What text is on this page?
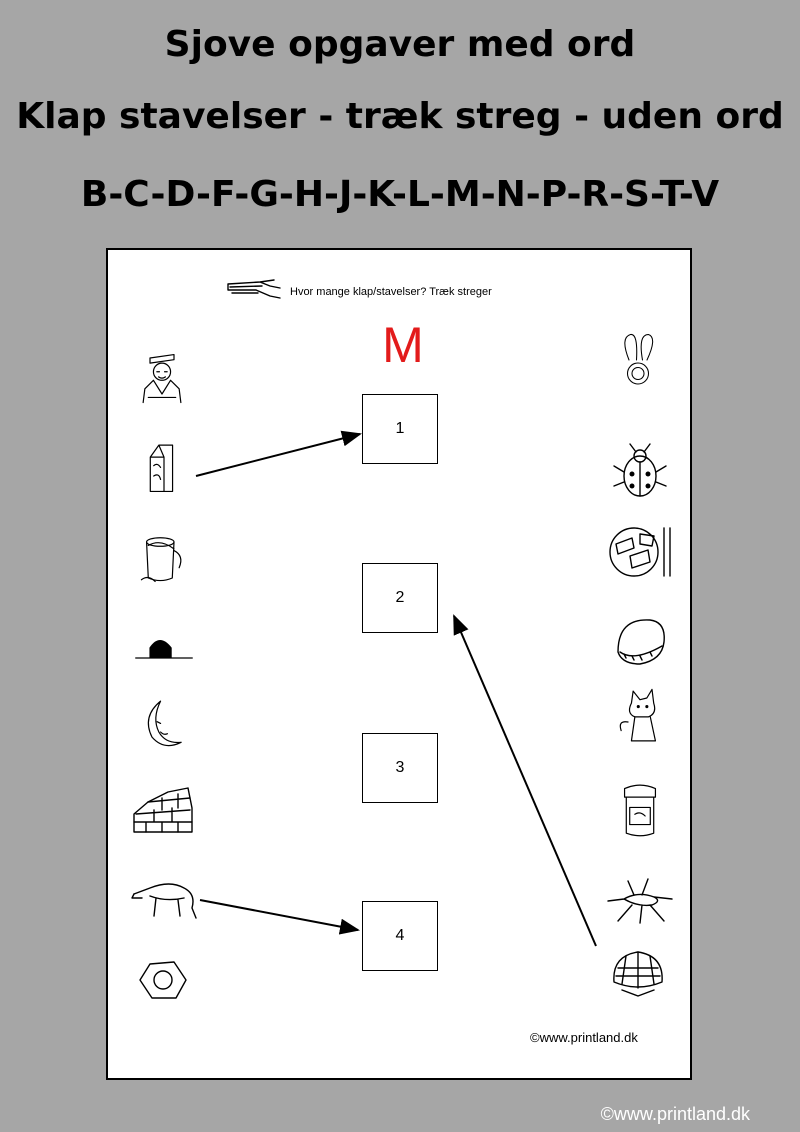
Sjove opgaver med ord
Klap stavelser - træk streg - uden ord
B-C-D-F-G-H-J-K-L-M-N-P-R-S-T-V
Hvor mange klap/stavelser? Træk streger
M
1
2
3
4
©www.printland.dk
©www.printland.dk
